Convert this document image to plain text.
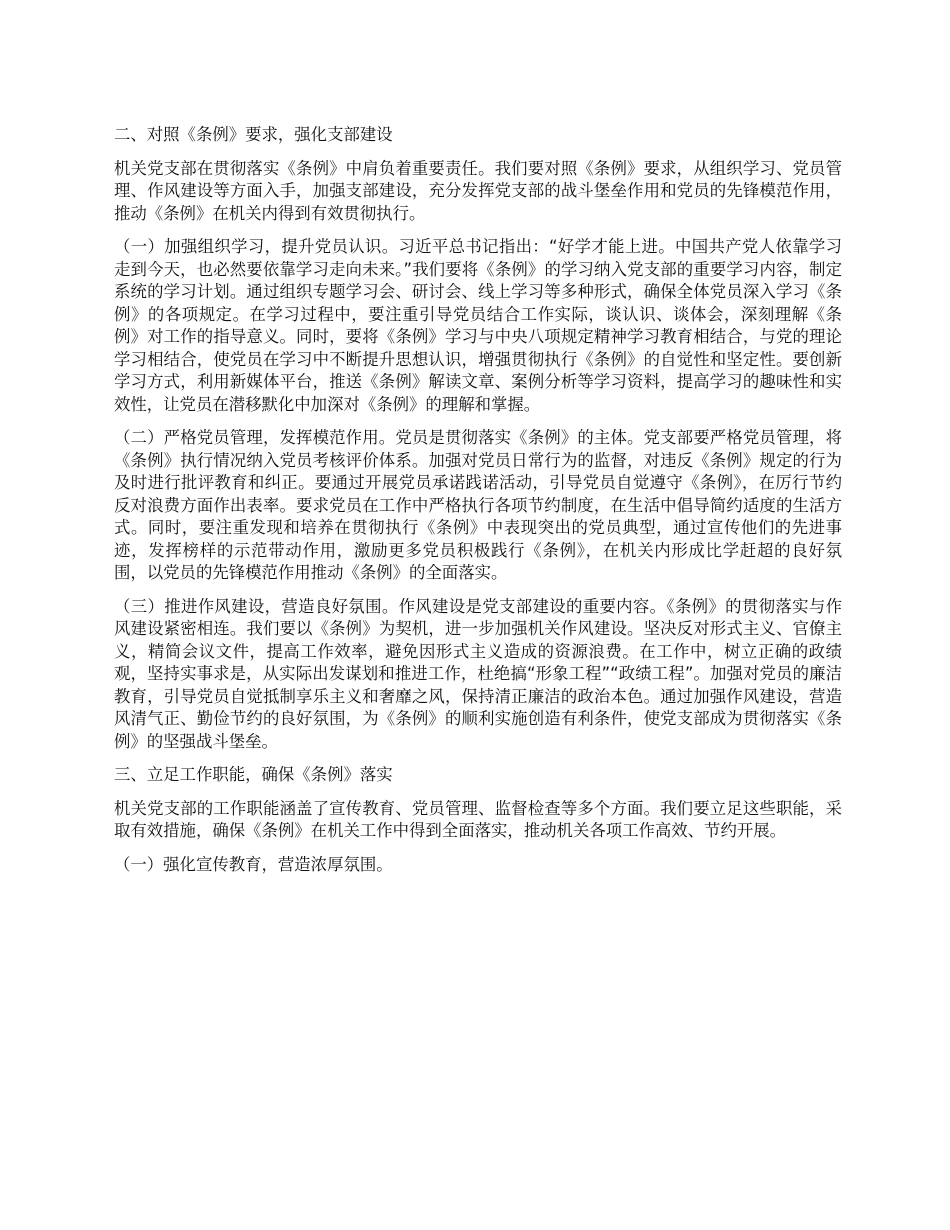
二、对照《条例》要求，强化支部建设

机关党支部在贯彻落实《条例》中肩负着重要责任。我们要对照《条例》要求，从组织学习、党员管理、作风建设等方面入手，加强支部建设，充分发挥党支部的战斗堡垒作用和党员的先锋模范作用，推动《条例》在机关内得到有效贯彻执行。

（一）加强组织学习，提升党员认识。习近平总书记指出：“好学才能上进。中国共产党人依靠学习走到今天，也必然要依靠学习走向未来。”我们要将《条例》的学习纳入党支部的重要学习内容，制定系统的学习计划。通过组织专题学习会、研讨会、线上学习等多种形式，确保全体党员深入学习《条例》的各项规定。在学习过程中，要注重引导党员结合工作实际，谈认识、谈体会，深刻理解《条例》对工作的指导意义。同时，要将《条例》学习与中央八项规定精神学习教育相结合，与党的理论学习相结合，使党员在学习中不断提升思想认识，增强贯彻执行《条例》的自觉性和坚定性。要创新学习方式，利用新媒体平台，推送《条例》解读文章、案例分析等学习资料，提高学习的趣味性和实效性，让党员在潜移默化中加深对《条例》的理解和掌握。

（二）严格党员管理，发挥模范作用。党员是贯彻落实《条例》的主体。党支部要严格党员管理，将《条例》执行情况纳入党员考核评价体系。加强对党员日常行为的监督，对违反《条例》规定的行为及时进行批评教育和纠正。要通过开展党员承诺践诺活动，引导党员自觉遵守《条例》，在厉行节约反对浪费方面作出表率。要求党员在工作中严格执行各项节约制度，在生活中倡导简约适度的生活方式。同时，要注重发现和培养在贯彻执行《条例》中表现突出的党员典型，通过宣传他们的先进事迹，发挥榜样的示范带动作用，激励更多党员积极践行《条例》，在机关内形成比学赶超的良好氛围，以党员的先锋模范作用推动《条例》的全面落实。

（三）推进作风建设，营造良好氛围。作风建设是党支部建设的重要内容。《条例》的贯彻落实与作风建设紧密相连。我们要以《条例》为契机，进一步加强机关作风建设。坚决反对形式主义、官僚主义，精简会议文件，提高工作效率，避免因形式主义造成的资源浪费。在工作中，树立正确的政绩观，坚持实事求是，从实际出发谋划和推进工作，杜绝搞“形象工程”“政绩工程”。加强对党员的廉洁教育，引导党员自觉抵制享乐主义和奢靡之风，保持清正廉洁的政治本色。通过加强作风建设，营造风清气正、勤俭节约的良好氛围，为《条例》的顺利实施创造有利条件，使党支部成为贯彻落实《条例》的坚强战斗堡垒。

三、立足工作职能，确保《条例》落实

机关党支部的工作职能涵盖了宣传教育、党员管理、监督检查等多个方面。我们要立足这些职能，采取有效措施，确保《条例》在机关工作中得到全面落实，推动机关各项工作高效、节约开展。

（一）强化宣传教育，营造浓厚氛围。
